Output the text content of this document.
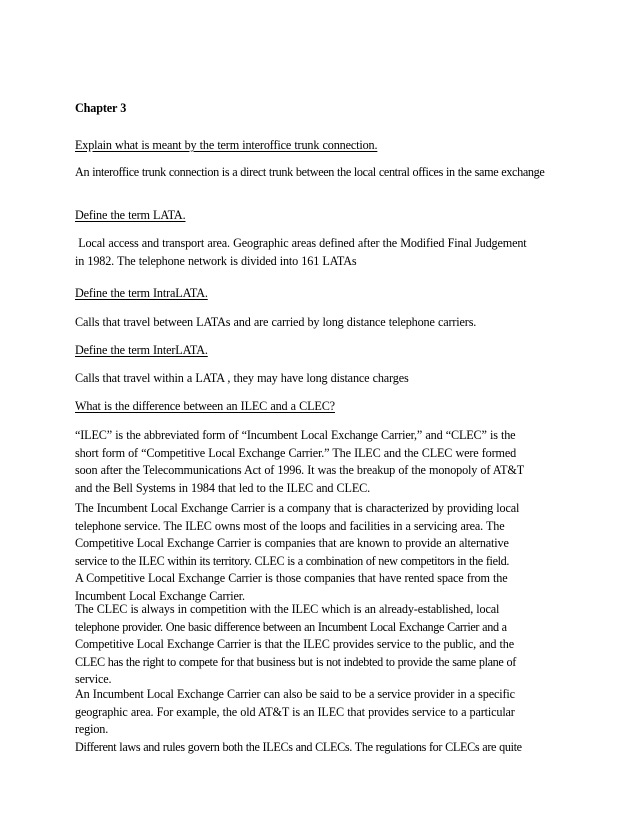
Chapter 3

Explain what is meant by the term interoffice trunk connection.

An interoffice trunk connection is a direct trunk between the local central offices in the same exchange

Define the term LATA.

Local access and transport area. Geographic areas defined after the Modified Final Judgement
in 1982. The telephone network is divided into 161 LATAs

Define the term IntraLATA.

Calls that travel between LATAs and are carried by long distance telephone carriers.

Define the term InterLATA.

Calls that travel within a LATA , they may have long distance charges

What is the difference between an ILEC and a CLEC?

“ILEC” is the abbreviated form of “Incumbent Local Exchange Carrier,” and “CLEC” is the
short form of “Competitive Local Exchange Carrier.” The ILEC and the CLEC were formed
soon after the Telecommunications Act of 1996. It was the breakup of the monopoly of AT&T
and the Bell Systems in 1984 that led to the ILEC and CLEC.

The Incumbent Local Exchange Carrier is a company that is characterized by providing local
telephone service. The ILEC owns most of the loops and facilities in a servicing area. The
Competitive Local Exchange Carrier is companies that are known to provide an alternative
service to the ILEC within its territory. CLEC is a combination of new competitors in the field.
A Competitive Local Exchange Carrier is those companies that have rented space from the
Incumbent Local Exchange Carrier.

The CLEC is always in competition with the ILEC which is an already-established, local
telephone provider. One basic difference between an Incumbent Local Exchange Carrier and a
Competitive Local Exchange Carrier is that the ILEC provides service to the public, and the
CLEC has the right to compete for that business but is not indebted to provide the same plane of
service.

An Incumbent Local Exchange Carrier can also be said to be a service provider in a specific
geographic area. For example, the old AT&T is an ILEC that provides service to a particular
region.
Different laws and rules govern both the ILECs and CLECs. The regulations for CLECs are quite
